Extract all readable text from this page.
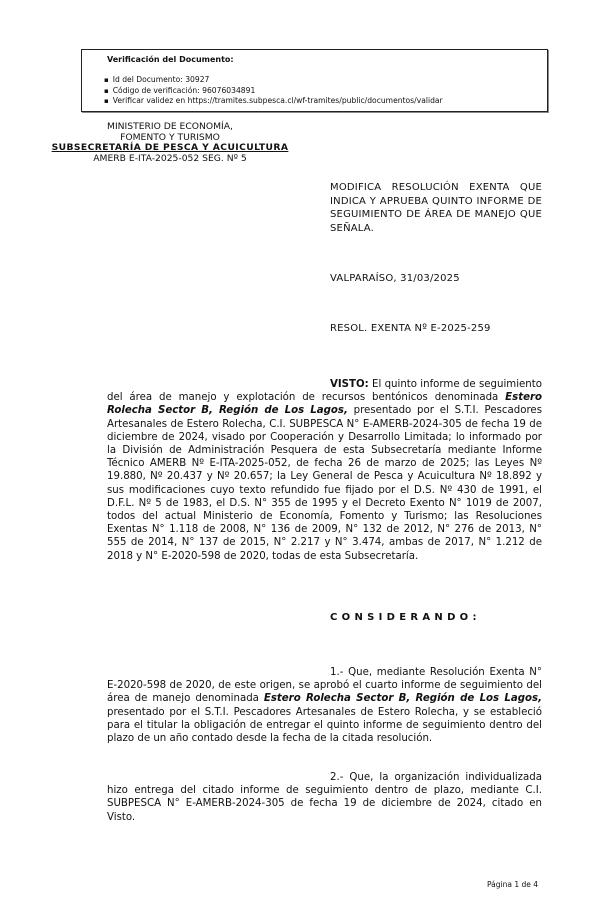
Verificación del Documento:
▪ Id del Documento: 30927
▪ Código de verificación: 96076034891
▪ Verificar validez en https://tramites.subpesca.cl/wf-tramites/public/documentos/validar
MINISTERIO DE ECONOMÍA,
FOMENTO Y TURISMO
SUBSECRETARÍA DE PESCA Y ACUICULTURA
AMERB E-ITA-2025-052 SEG. Nº 5
MODIFICA RESOLUCIÓN EXENTA QUE INDICA Y APRUEBA QUINTO INFORME DE SEGUIMIENTO DE ÁREA DE MANEJO QUE SEÑALA.
VALPARAÍSO, 31/03/2025
RESOL. EXENTA Nº E-2025-259
VISTO: El quinto informe de seguimiento del área de manejo y explotación de recursos bentónicos denominada Estero Rolecha Sector B, Región de Los Lagos, presentado por el S.T.I. Pescadores Artesanales de Estero Rolecha, C.I. SUBPESCA N° E-AMERB-2024-305 de fecha 19 de diciembre de 2024, visado por Cooperación y Desarrollo Limitada; lo informado por la División de Administración Pesquera de esta Subsecretaría mediante Informe Técnico AMERB Nº E-ITA-2025-052, de fecha 26 de marzo de 2025; las Leyes Nº 19.880, Nº 20.437 y Nº 20.657; la Ley General de Pesca y Acuicultura Nº 18.892 y sus modificaciones cuyo texto refundido fue fijado por el D.S. Nº 430 de 1991, el D.F.L. Nº 5 de 1983, el D.S. N° 355 de 1995 y el Decreto Exento N° 1019 de 2007, todos del actual Ministerio de Economía, Fomento y Turismo; las Resoluciones Exentas N° 1.118 de 2008, N° 136 de 2009, N° 132 de 2012, N° 276 de 2013, N° 555 de 2014, N° 137 de 2015, N° 2.217 y N° 3.474, ambas de 2017, N° 1.212 de 2018 y N° E-2020-598 de 2020, todas de esta Subsecretaría.
CONSIDERANDO:
1.- Que, mediante Resolución Exenta N° E-2020-598 de 2020, de este origen, se aprobó el cuarto informe de seguimiento del área de manejo denominada Estero Rolecha Sector B, Región de Los Lagos, presentado por el S.T.I. Pescadores Artesanales de Estero Rolecha, y se estableció para el titular la obligación de entregar el quinto informe de seguimiento dentro del plazo de un año contado desde la fecha de la citada resolución.
2.- Que, la organización individualizada hizo entrega del citado informe de seguimiento dentro de plazo, mediante C.I. SUBPESCA N° E-AMERB-2024-305 de fecha 19 de diciembre de 2024, citado en Visto.
Página 1 de 4
